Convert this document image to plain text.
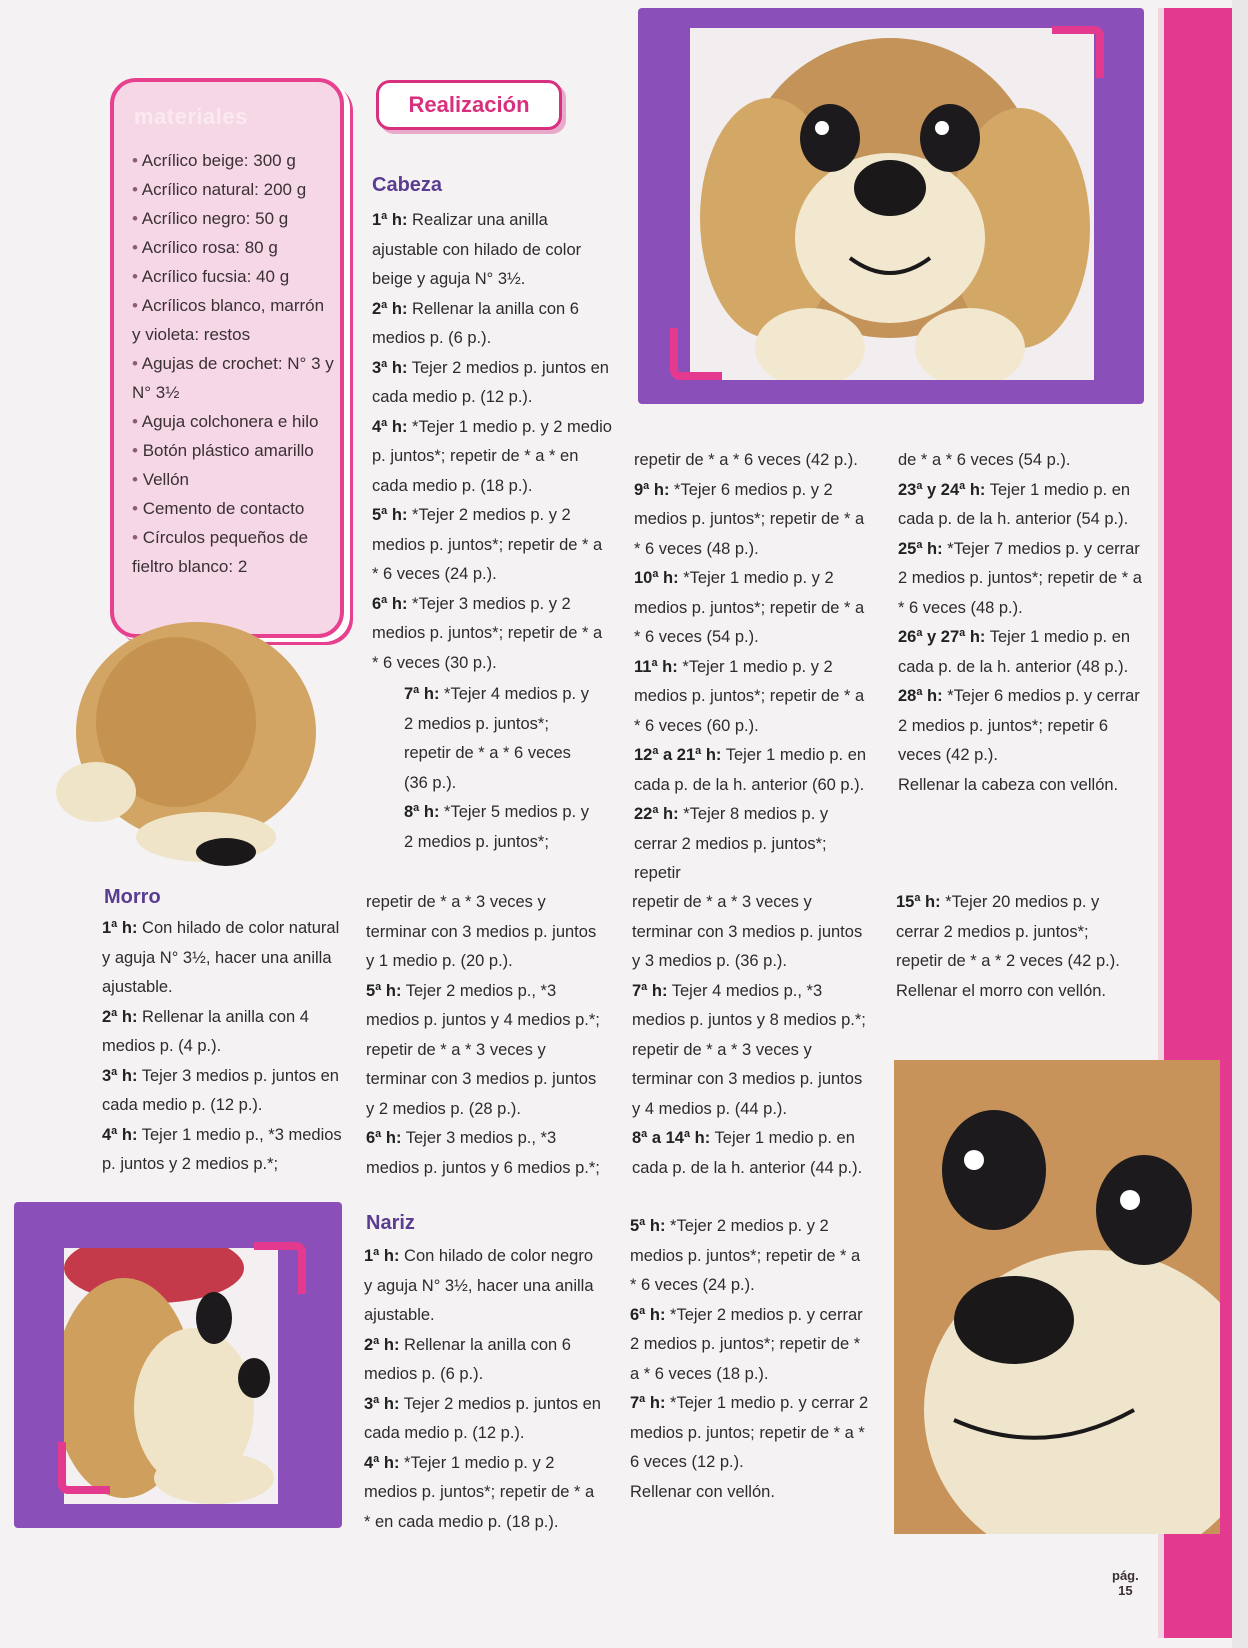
materiales
• Acrílico beige: 300 g
• Acrílico natural: 200 g
• Acrílico negro: 50 g
• Acrílico rosa: 80 g
• Acrílico fucsia: 40 g
• Acrílicos blanco, marrón y violeta: restos
• Agujas de crochet: N° 3 y N° 3½
• Aguja colchonera e hilo
• Botón plástico amarillo
• Vellón
• Cemento de contacto
• Círculos pequeños de fieltro blanco: 2
Realización
Cabeza

1ª h: Realizar una anilla ajustable con hilado de color beige y aguja N° 3½.

2ª h: Rellenar la anilla con 6 medios p. (6 p.).

3ª h: Tejer 2 medios p. juntos en cada medio p. (12 p.).

4ª h: *Tejer 1 medio p. y 2 medio p. juntos*; repetir de * a * en cada medio p. (18 p.).

5ª h: *Tejer 2 medios p. y 2 medios p. juntos*; repetir de * a * 6 veces (24 p.).

6ª h: *Tejer 3 medios p. y 2 medios p. juntos*; repetir de * a * 6 veces (30 p.).

7ª h: *Tejer 4 medios p. y 2 medios p. juntos*; repetir de * a * 6 veces (36 p.).

8ª h: *Tejer 5 medios p. y 2 medios p. juntos*;

Morro

1ª h: Con hilado de color natural y aguja N° 3½, hacer una anilla ajustable.

2ª h: Rellenar la anilla con 4 medios p. (4 p.).

3ª h: Tejer 3 medios p. juntos en cada medio p. (12 p.).

4ª h: Tejer 1 medio p., *3 medios p. juntos y 2 medios p.*;

repetir de * a * 3 veces y terminar con 3 medios p. juntos y 1 medio p. (20 p.).

5ª h: Tejer 2 medios p., *3 medios p. juntos y 4 medios p.*; repetir de * a * 3 veces y terminar con 3 medios p. juntos y 2 medios p. (28 p.).

6ª h: Tejer 3 medios p., *3 medios p. juntos y 6 medios p.*;

Nariz

1ª h: Con hilado de color negro y aguja N° 3½, hacer una anilla ajustable.

2ª h: Rellenar la anilla con 6 medios p. (6 p.).

3ª h: Tejer 2 medios p. juntos en cada medio p. (12 p.).

4ª h: *Tejer 1 medio p. y 2 medios p. juntos*; repetir de * a * en cada medio p. (18 p.).

repetir de * a * 6 veces (42 p.).

9ª h: *Tejer 6 medios p. y 2 medios p. juntos*; repetir de * a * 6 veces (48 p.).

10ª h: *Tejer 1 medio p. y 2 medios p. juntos*; repetir de * a * 6 veces (54 p.).

11ª h: *Tejer 1 medio p. y 2 medios p. juntos*; repetir de * a * 6 veces (60 p.).

12ª a 21ª h: Tejer 1 medio p. en cada p. de la h. anterior (60 p.).

22ª h: *Tejer 8 medios p. y cerrar 2 medios p. juntos*; repetir

repetir de * a * 3 veces y terminar con 3 medios p. juntos y 3 medios p. (36 p.).

7ª h: Tejer 4 medios p., *3 medios p. juntos y 8 medios p.*; repetir de * a * 3 veces y terminar con 3 medios p. juntos y 4 medios p. (44 p.).

8ª a 14ª h: Tejer 1 medio p. en cada p. de la h. anterior (44 p.).

5ª h: *Tejer 2 medios p. y 2 medios p. juntos*; repetir de * a * 6 veces (24 p.).

6ª h: *Tejer 2 medios p. y cerrar 2 medios p. juntos*; repetir de * a * 6 veces (18 p.).

7ª h: *Tejer 1 medio p. y cerrar 2 medios p. juntos; repetir de * a * 6 veces (12 p.).

Rellenar con vellón.

de * a * 6 veces (54 p.).

23ª y 24ª h: Tejer 1 medio p. en cada p. de la h. anterior (54 p.).

25ª h: *Tejer 7 medios p. y cerrar 2 medios p. juntos*; repetir de * a * 6 veces (48 p.).

26ª y 27ª h: Tejer 1 medio p. en cada p. de la h. anterior (48 p.).

28ª h: *Tejer 6 medios p. y cerrar 2 medios p. juntos*; repetir 6 veces (42 p.).

Rellenar la cabeza con vellón.

15ª h: *Tejer 20 medios p. y cerrar 2 medios p. juntos*; repetir de * a * 2 veces (42 p.).

Rellenar el morro con vellón.

pág.
15
